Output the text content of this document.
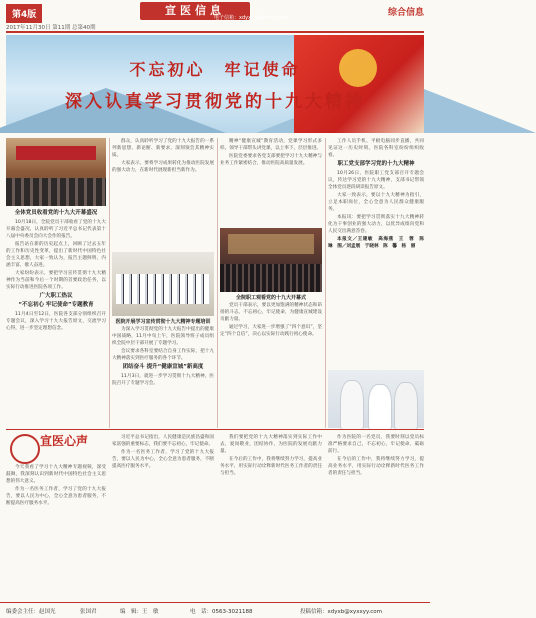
第4版	宣医信息
电子信箱：xdyxb@xyxxyy.com	综合信息
2017年11月30日 第11期 总第40期
不忘初心　牢记使命
深入认真学习贯彻党的十九大精神
全体党员收看党的十九大开幕盛况

10月18日，全院党员干部收看了党的十九大开幕会盛况，认真聆听了习近平总书记代表第十八届中央委员会向大会作的报告。

报告站在新的历史起点上，回顾了过去五年的工作和历史性变革，提出了新时代中国特色社会主义思想，大家一致认为，报告主题鲜明、内涵丰富、催人奋进。

大家纷纷表示，要把学习宣传贯彻十九大精神作为当前和今后一个时期的首要政治任务，以实际行动推进医院各项工作。

广大职工热议
“不忘初心 牢记使命”专题教育

11月4日至12日，医院各支部分别组织召开专题会议，深入学习十九大报告原文，交流学习心得，进一步坚定理想信念。

群众，认真聆听学习了党的十九大报告的一系列新思想、新论断、新要求，深刻领会其精神实质。

大家表示，要将学习成果转化为推动医院发展的强大动力，在新时代展现新担当新作为。

医院开展学习宣传贯彻十九大精神专题培训

为深入学习贯彻党的十九大报告中提出的健康中国战略，11月中旬上午，医院领导班子成员组织全院中层干部开展了专题学习。

会议要求各科室要结合自身工作实际，把十九大精神落实到医疗服务的各个环节。

团结奋斗 提升“健康宣城”新高度

11月3日，就进一步学习贯彻十九大精神，医院召开了专题学习会。

精神“健康宣城”教育活动，党课学习形式多样。领导干部带头讲党课，以上率下，层层推进。

医院党委要求各党支部要把学习十九大精神与业务工作紧密结合，推动医院高质量发展。

全院职工观看党的十九大开幕式

党员干部表示，要以更加饱满的精神状态和昂扬的斗志，不忘初心，牢记使命，为健康宣城建设贡献力量。

通过学习，大家进一步增强了“四个意识”，坚定“四个自信”，决心以实际行动践行初心使命。

工作人员手机、平板电脑同步直播，共同见证这一历史时刻。医院各科室纷纷组织收看。

职工党支部学习党的十九大精神

10月26日，医院职工党支部召开专题会议，传达学习党的十九大精神，支部书记带领全体党员逐段研读报告原文。

大家一致表示，要以十九大精神为指引，立足本职岗位，全心全意为人民群众健康服务。

本报讯：要把学习贯彻落实十九大精神转化为干事创业的强大动力，以优异成绩向党和人民交出满意答卷。

本报文／王建敏　高海燕　王　蓉　陈　琳　图／刘孟展　于晓林　陈　馨　杨　丽

宣医心声

今天我看了学习十九大精神专题视频，深受鼓舞，我深刻认识到新时代中国特色社会主义思想的伟大意义。

作为一名医务工作者，学习了党的十九大报告，要以人民为中心，全心全意为患者服务，不断提高医疗服务水平。

习近平总书记指出，人民健康是民族昌盛和国家富强的重要标志，我们要不忘初心，牢记使命。

作为一名医务工作者，学习了党的十九大报告，要以人民为中心，全心全意为患者服务，不断提高医疗服务水平。

我们要把党的十九大精神落实到实际工作中去，爱岗敬业，团结协作，为医院的发展贡献力量。

在今后的工作中，我将继续努力学习，提高业务水平，用实际行动诠释新时代医务工作者的责任与担当。

作为医院的一名党员，我要时刻以党员标准严格要求自己，不忘初心，牢记使命，砥砺前行。

在今后的工作中，我将继续努力学习，提高业务水平，用实际行动诠释新时代医务工作者的责任与担当。

编委会主任：赵国光	张国君	编　辑：王　敏	电　话：0563-3021188	投稿信箱：xdyxb@xyxxyy.com
